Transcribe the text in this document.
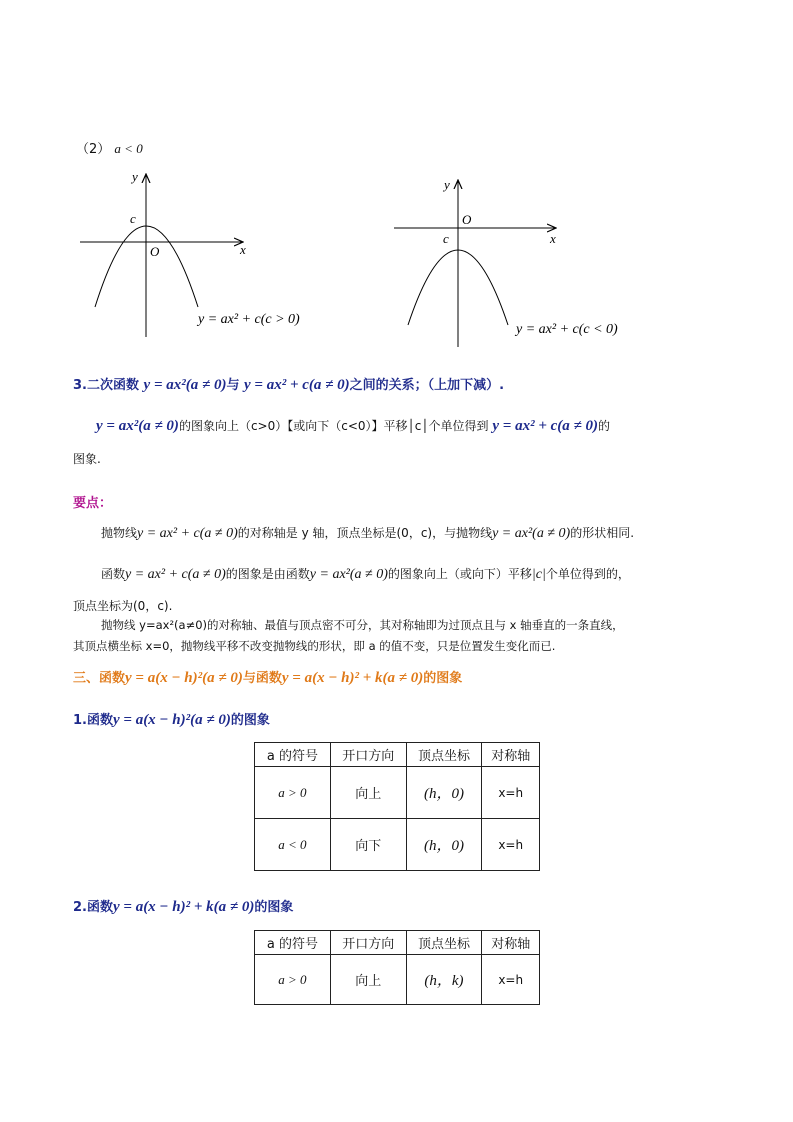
（2） a < 0
y
x
O
c
y = ax² + c(c > 0)
y
x
O
c
y = ax² + c(c < 0)
3.二次函数 y = ax²(a ≠ 0)与 y = ax² + c(a ≠ 0)之间的关系；（上加下减）.
y = ax²(a ≠ 0)的图象向上（c>0）【或向下（c<0）】平移│c│个单位得到 y = ax² + c(a ≠ 0)的
图象.
要点：
抛物线y = ax² + c(a ≠ 0)的对称轴是 y 轴，顶点坐标是(0，c)，与抛物线y = ax²(a ≠ 0)的形状相同.
函数y = ax² + c(a ≠ 0)的图象是由函数y = ax²(a ≠ 0)的图象向上（或向下）平移|c|个单位得到的，
顶点坐标为(0，c).
抛物线 y=ax²(a≠0)的对称轴、最值与顶点密不可分，其对称轴即为过顶点且与 x 轴垂直的一条直线，
其顶点横坐标 x=0，抛物线平移不改变抛物线的形状，即 a 的值不变，只是位置发生变化而已.
三、函数y = a(x − h)²(a ≠ 0)与函数y = a(x − h)² + k(a ≠ 0)的图象
1.函数y = a(x − h)²(a ≠ 0)的图象
a 的符号	开口方向	顶点坐标	对称轴
a > 0	向上	(h，0)	x=h
a < 0	向下	(h，0)	x=h
2.函数y = a(x − h)² + k(a ≠ 0)的图象
a 的符号	开口方向	顶点坐标	对称轴
a > 0	向上	(h，k)	x=h
